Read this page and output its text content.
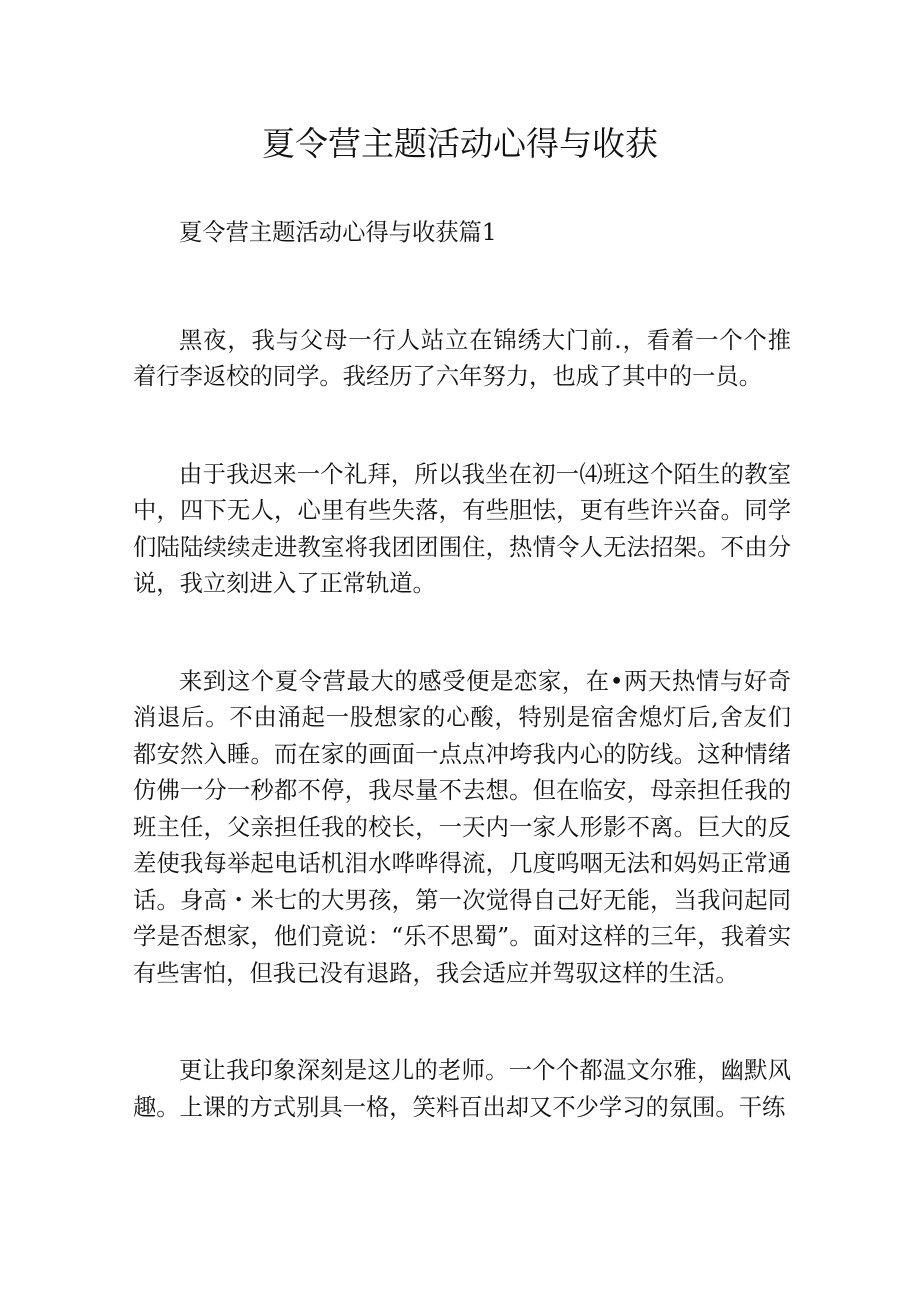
夏令营主题活动心得与收获

夏令营主题活动心得与收获篇1

黑夜，我与父母一行人站立在锦绣大门前.，看着一个个推着行李返校的同学。我经历了六年努力，也成了其中的一员。

由于我迟来一个礼拜，所以我坐在初一⑷班这个陌生的教室中，四下无人，心里有些失落，有些胆怯，更有些许兴奋。同学们陆陆续续走进教室将我团团围住，热情令人无法招架。不由分说，我立刻进入了正常轨道。

来到这个夏令营最大的感受便是恋家，在•两天热情与好奇消退后。不由涌起一股想家的心酸，特别是宿舍熄灯后,舍友们都安然入睡。而在家的画面一点点冲垮我内心的防线。这种情绪仿佛一分一秒都不停，我尽量不去想。但在临安，母亲担任我的班主任，父亲担任我的校长，一天内一家人形影不离。巨大的反差使我每举起电话机泪水哗哗得流，几度呜咽无法和妈妈正常通话。身高・米七的大男孩，第一次觉得自己好无能，当我问起同学是否想家，他们竟说：“乐不思蜀”。面对这样的三年，我着实有些害怕，但我已没有退路，我会适应并驾驭这样的生活。

更让我印象深刻是这儿的老师。一个个都温文尔雅，幽默风趣。上课的方式别具一格，笑料百出却又不少学习的氛围。干练
